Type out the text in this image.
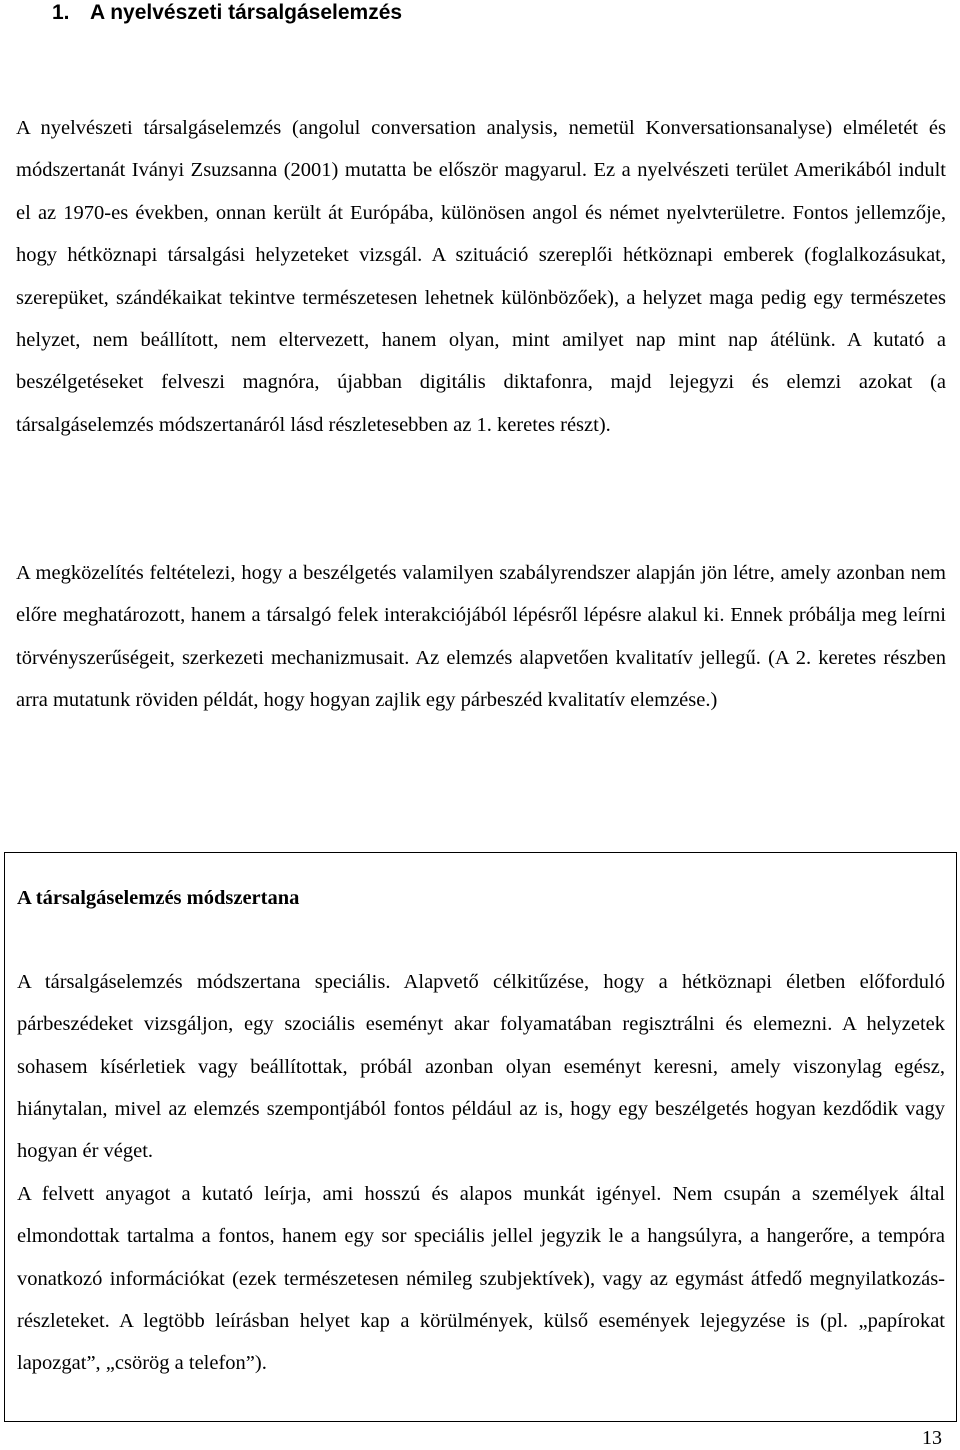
1. A nyelvészeti társalgáselemzés

A nyelvészeti társalgáselemzés (angolul conversation analysis, nemetül Konversationsanalyse) elméletét és módszertanát Iványi Zsuzsanna (2001) mutatta be először magyarul. Ez a nyelvészeti terület Amerikából indult el az 1970-es években, onnan került át Európába, különösen angol és német nyelvterületre. Fontos jellemzője, hogy hétköznapi társalgási helyzeteket vizsgál. A szituáció szereplői hétköznapi emberek (foglalkozásukat, szerepüket, szándékaikat tekintve természetesen lehetnek különbözőek), a helyzet maga pedig egy természetes helyzet, nem beállított, nem eltervezett, hanem olyan, mint amilyet nap mint nap átélünk. A kutató a beszélgetéseket felveszi magnóra, újabban digitális diktafonra, majd lejegyzi és elemzi azokat (a társalgáselemzés módszertanáról lásd részletesebben az 1. keretes részt).

A megközelítés feltételezi, hogy a beszélgetés valamilyen szabályrendszer alapján jön létre, amely azonban nem előre meghatározott, hanem a társalgó felek interakciójából lépésről lépésre alakul ki. Ennek próbálja meg leírni törvényszerűségeit, szerkezeti mechanizmusait. Az elemzés alapvetően kvalitatív jellegű. (A 2. keretes részben arra mutatunk röviden példát, hogy hogyan zajlik egy párbeszéd kvalitatív elemzése.)

A társalgáselemzés módszertana

A társalgáselemzés módszertana speciális. Alapvető célkitűzése, hogy a hétköznapi életben előforduló párbeszédeket vizsgáljon, egy szociális eseményt akar folyamatában regisztrálni és elemezni. A helyzetek sohasem kísérletiek vagy beállítottak, próbál azonban olyan eseményt keresni, amely viszonylag egész, hiánytalan, mivel az elemzés szempontjából fontos például az is, hogy egy beszélgetés hogyan kezdődik vagy hogyan ér véget.

A felvett anyagot a kutató leírja, ami hosszú és alapos munkát igényel. Nem csupán a személyek által elmondottak tartalma a fontos, hanem egy sor speciális jellel jegyzik le a hangsúlyra, a hangerőre, a tempóra vonatkozó információkat (ezek természetesen némileg szubjektívek), vagy az egymást átfedő megnyilatkozás-részleteket. A legtöbb leírásban helyet kap a körülmények, külső események lejegyzése is (pl. „papírokat lapozgat”, „csörög a telefon”).

13
